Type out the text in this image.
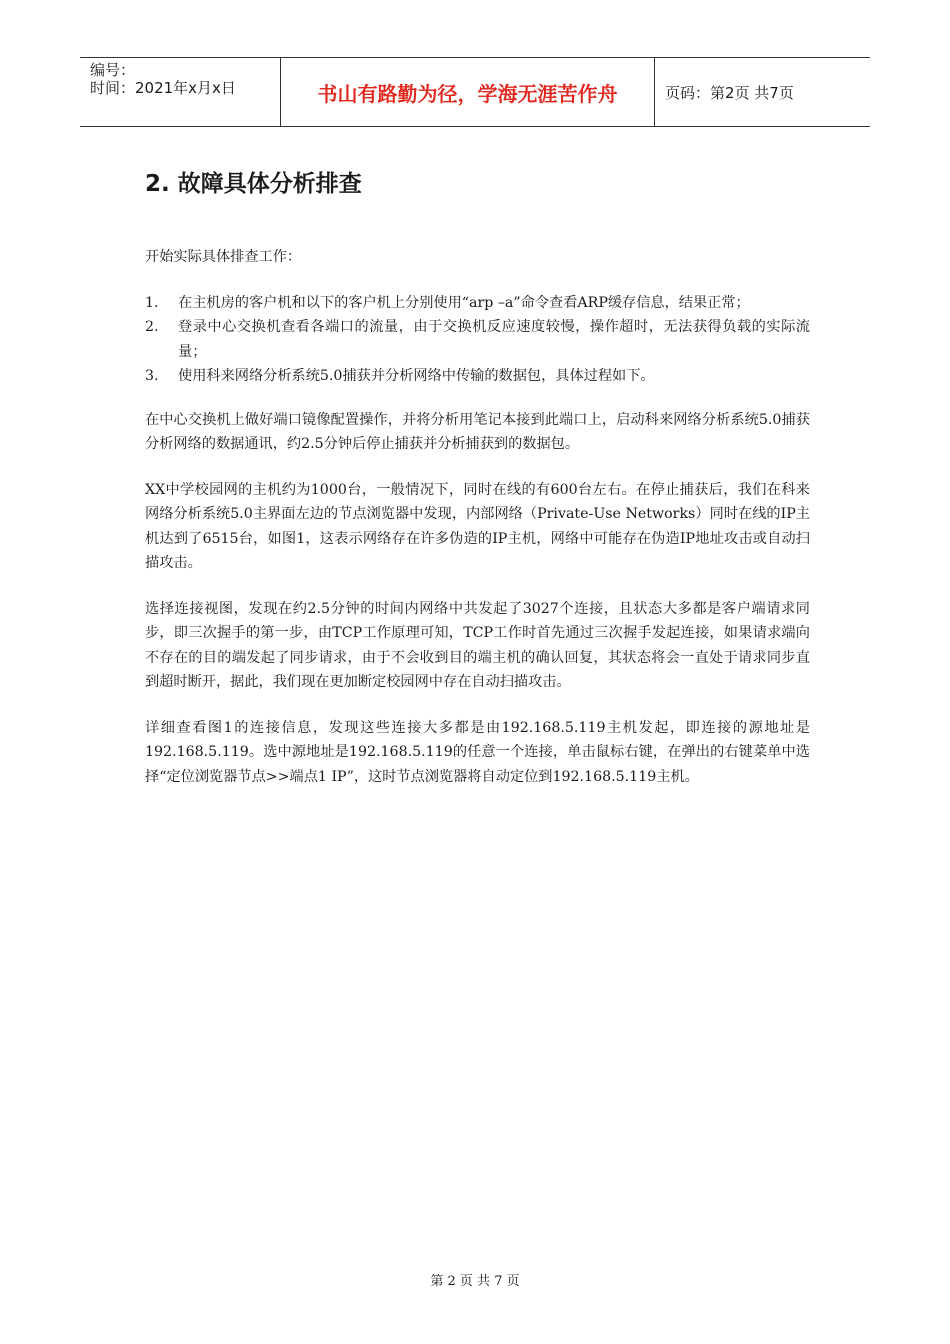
编号：
时间：2021年x月x日	书山有路勤为径，学海无涯苦作舟	页码：第2页 共7页
2. 故障具体分析排查

开始实际具体排查工作：

1. 在主机房的客户机和以下的客户机上分别使用“arp –a”命令查看ARP缓存信息，结果正常；
2. 登录中心交换机查看各端口的流量，由于交换机反应速度较慢，操作超时，无法获得负载的实际流量；
3. 使用科来网络分析系统5.0捕获并分析网络中传输的数据包，具体过程如下。

在中心交换机上做好端口镜像配置操作，并将分析用笔记本接到此端口上，启动科来网络分析系统5.0捕获分析网络的数据通讯，约2.5分钟后停止捕获并分析捕获到的数据包。

XX中学校园网的主机约为1000台，一般情况下，同时在线的有600台左右。在停止捕获后，我们在科来网络分析系统5.0主界面左边的节点浏览器中发现，内部网络（Private-Use Networks）同时在线的IP主机达到了6515台，如图1，这表示网络存在许多伪造的IP主机，网络中可能存在伪造IP地址攻击或自动扫描攻击。

选择连接视图，发现在约2.5分钟的时间内网络中共发起了3027个连接，且状态大多都是客户端请求同步，即三次握手的第一步，由TCP工作原理可知，TCP工作时首先通过三次握手发起连接，如果请求端向不存在的目的端发起了同步请求，由于不会收到目的端主机的确认回复，其状态将会一直处于请求同步直到超时断开，据此，我们现在更加断定校园网中存在自动扫描攻击。

详细查看图1的连接信息，发现这些连接大多都是由192.168.5.119主机发起，即连接的源地址是192.168.5.119。选中源地址是192.168.5.119的任意一个连接，单击鼠标右键，在弹出的右键菜单中选择“定位浏览器节点>>端点1 IP”，这时节点浏览器将自动定位到192.168.5.119主机。

第 2 页 共 7 页
